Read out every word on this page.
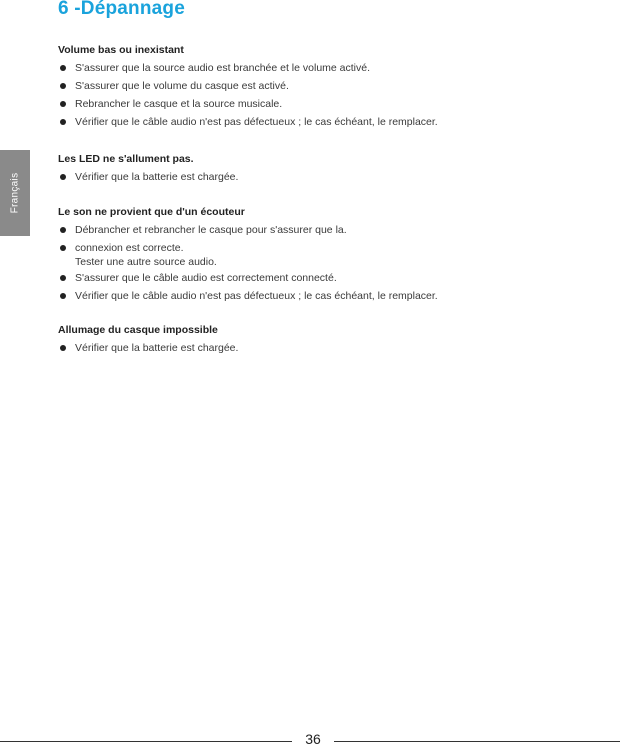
6 -Dépannage
Français
Volume bas ou inexistant
S'assurer que la source audio est branchée et le volume activé.
S'assurer que le volume du casque est activé.
Rebrancher le casque et la source musicale.
Vérifier que le câble audio n'est pas défectueux ; le cas échéant, le remplacer.
Les LED ne s'allument pas.
Vérifier que la batterie est chargée.
Le son ne provient que d'un écouteur
Débrancher et rebrancher le casque pour s'assurer que la.
connexion est correcte.
Tester une autre source audio.
S'assurer que le câble audio est correctement connecté.
Vérifier que le câble audio n'est pas défectueux ; le cas échéant, le remplacer.
Allumage du casque impossible
Vérifier que la batterie est chargée.
36
